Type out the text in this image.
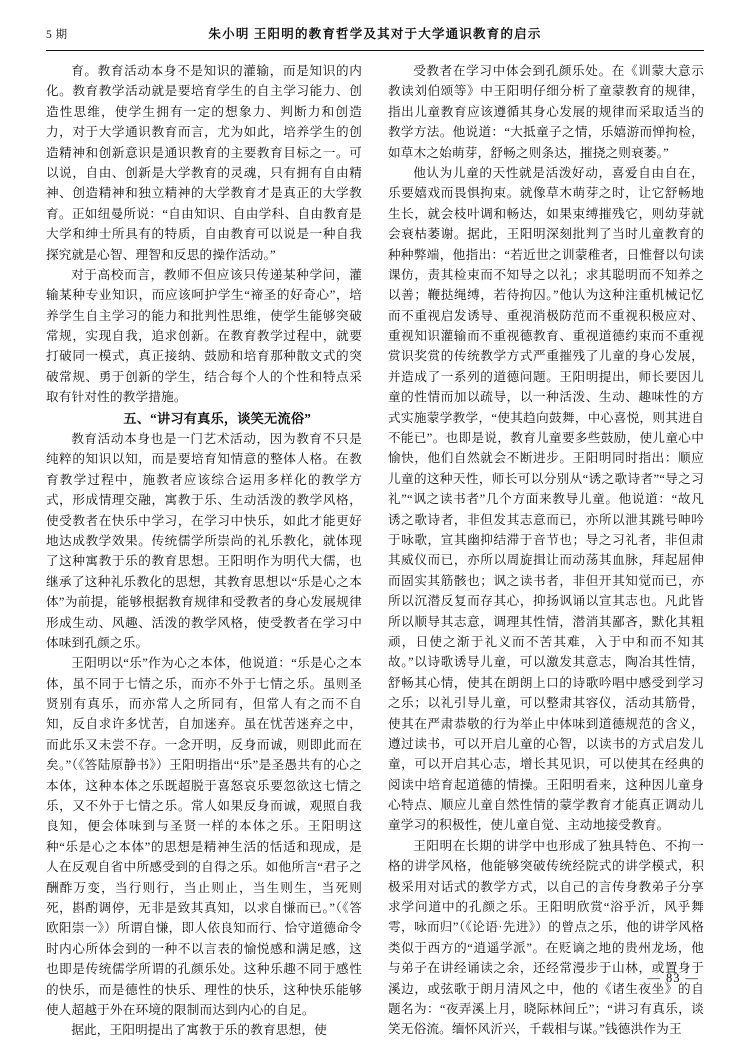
5 期	朱小明 王阳明的教育哲学及其对于大学通识教育的启示

育。教育活动本身不是知识的灌输，而是知识的内化。教育教学活动就是要培育学生的自主学习能力、创造性思维，使学生拥有一定的想象力、判断力和创造力，对于大学通识教育而言，尤为如此，培养学生的创造精神和创新意识是通识教育的主要教育目标之一。可以说，自由、创新是大学教育的灵魂，只有拥有自由精神、创造精神和独立精神的大学教育才是真正的大学教育。正如纽曼所说：“自由知识、自由学科、自由教育是大学和绅士所具有的特质，自由教育可以说是一种自我探究就是心智、理智和反思的操作活动。”

对于高校而言，教师不但应该只传递某种学问，灌输某种专业知识，而应该呵护学生“禘圣的好奇心”，培养学生自主学习的能力和批判性思维，使学生能够突破常规，实现自我，追求创新。在教育教学过程中，就要打破同一模式，真正接纳、鼓励和培育那种散文式的突破常规、勇于创新的学生，结合每个人的个性和特点采取有针对性的教学措施。

五、“讲习有真乐，谈笑无流俗”

教育活动本身也是一门艺术活动，因为教育不只是纯粹的知识以知，而是要培育知情意的整体人格。在教育教学过程中，施教者应该综合运用多样化的教学方式，形成情理交融，寓教于乐、生动活泼的教学风格，使受教者在快乐中学习，在学习中快乐，如此才能更好地达成教学效果。传统儒学所崇尚的礼乐教化，就体现了这种寓教于乐的教育思想。王阳明作为明代大儒，也继承了这种礼乐教化的思想，其教育思想以“乐是心之本体”为前提，能够根据教育规律和受教者的身心发展规律形成生动、风趣、活泼的教学风格，使受教者在学习中体味到孔颜之乐。

王阳明以“乐”作为心之本体，他说道：“乐是心之本体，虽不同于七情之乐，而亦不外于七情之乐。虽则圣贤别有真乐，而亦常人之所同有，但常人有之而不自知，反自求许多忧苦，自加迷弃。虽在忧苦迷弃之中，而此乐又未尝不存。一念开明，反身而诚，则即此而在矣。”（《答陆原静书》）王阳明指出“乐”是圣愚共有的心之本体，这种本体之乐既超脱于喜怒哀乐要忽欲这七情之乐，又不外于七情之乐。常人如果反身而诚，观照自我良知，便会体味到与圣贤一样的本体之乐。王阳明这种“乐是心之本体”的思想是精神生活的恬适和现成，是人在反观自省中所感受到的自得之乐。如他所言“君子之酬酢万变，当行则行，当止则止，当生则生，当死则死，斟酌调停，无非是致其真知，以求自慊而已。”（《答欧阳崇一》）所谓自慊，即人依良知而行、恰守道德命令时内心所体会到的一种不以言表的愉悦感和满足感，这也即是传统儒学所谓的孔颜乐处。这种乐趣不同于感性的快乐，而是德性的快乐、理性的快乐，这种快乐能够使人超越于外在环境的限制而达到内心的自足。

据此，王阳明提出了寓教于乐的教育思想，使

受教者在学习中体会到孔颜乐处。在《训蒙大意示教读刘伯颂等》中王阳明仔细分析了童蒙教育的规律，指出儿童教育应该遵循其身心发展的规律而采取适当的教学方法。他说道：“大抵童子之情，乐嬉游而惮拘检，如草木之始萌芽，舒畅之则条达，摧挠之则衰萎。”

他认为儿童的天性就是活泼好动，喜爱自由自在，乐要嬉戏而畏惧拘束。就像草木萌芽之时，让它舒畅地生长，就会枝叶调和畅达，如果束缚摧残它，则幼芽就会衰枯萎谢。据此，王阳明深刻批判了当时儿童教育的种种弊端，他指出：“若近世之训蒙稚者，日惟督以句读课仿，责其检束而不知导之以礼；求其聪明而不知养之以善；鞭挞绳缚，若待拘囚。”他认为这种注重机械记忆而不重视启发诱导、重视消极防范而不重视积极应对、重视知识灌输而不重视德教育、重视道德约束而不重视赏识奖赏的传统教学方式严重摧残了儿童的身心发展，并造成了一系列的道德问题。王阳明提出，师长要因儿童的性情而加以疏导，以一种活泼、生动、趣味性的方式实施蒙学教学，“使其趋向鼓舞，中心喜悦，则其进自不能已”。也即是说，教育儿童要多些鼓励，使儿童心中愉快，他们自然就会不断进步。王阳明同时指出：顺应儿童的这种天性，师长可以分别从“诱之歌诗者”“导之习礼”“讽之读书者”几个方面来教导儿童。他说道：“故凡诱之歌诗者，非但发其志意而已，亦所以泄其跳号呻吟于咏歌，宣其幽抑结滞于音节也；导之习礼者，非但肃其威仪而已，亦所以周旋揖让而动荡其血脉，拜起屈伸而固实其筋骸也；讽之读书者，非但开其知觉而已，亦所以沉潜反复而存其心，抑扬讽诵以宣其志也。凡此皆所以顺导其志意，调理其性情，潜消其鄙吝，默化其粗顽，日使之渐于礼义而不苦其难，入于中和而不知其故。”以诗歌诱导儿童，可以激发其意志，陶冶其性情，舒畅其心情，使其在朗朗上口的诗歌吟唱中感受到学习之乐；以礼引导儿童，可以整肃其容仪，活动其筋骨，使其在严肃恭敬的行为举止中体味到道德规范的含义，遵过读书，可以开启儿童的心智，以读书的方式启发儿童，可以开启其心志，增长其见识，可以使其在经典的阅读中培育起道德的情操。王阳明看来，这种因儿童身心特点、顺应儿童自然性情的蒙学教育才能真正调动儿童学习的积极性，使儿童自觉、主动地接受教育。

王阳明在长期的讲学中也形成了独具特色、不拘一格的讲学风格，他能够突破传统经院式的讲学模式，积极采用对话式的教学方式，以自己的言传身教弟子分享求学问道中的孔颜之乐。王阳明欣赏“浴乎沂，风乎舞雩，咏而归”（《论语·先进》）的曾点之乐，他的讲学风格类似于西方的“逍遥学派”。在贬谪之地的贵州龙场，他与弟子在讲经诵读之余，还经常漫步于山林，或置身于溪边，或弦歌于朗月清风之中，他的《诸生夜坐》的自题名为：“夜弄溪上月，晓际林间丘”；“讲习有真乐，谈笑无俗流。缅怀风沂兴，千载相与谋。”钱德洪作为王

— 83 —
